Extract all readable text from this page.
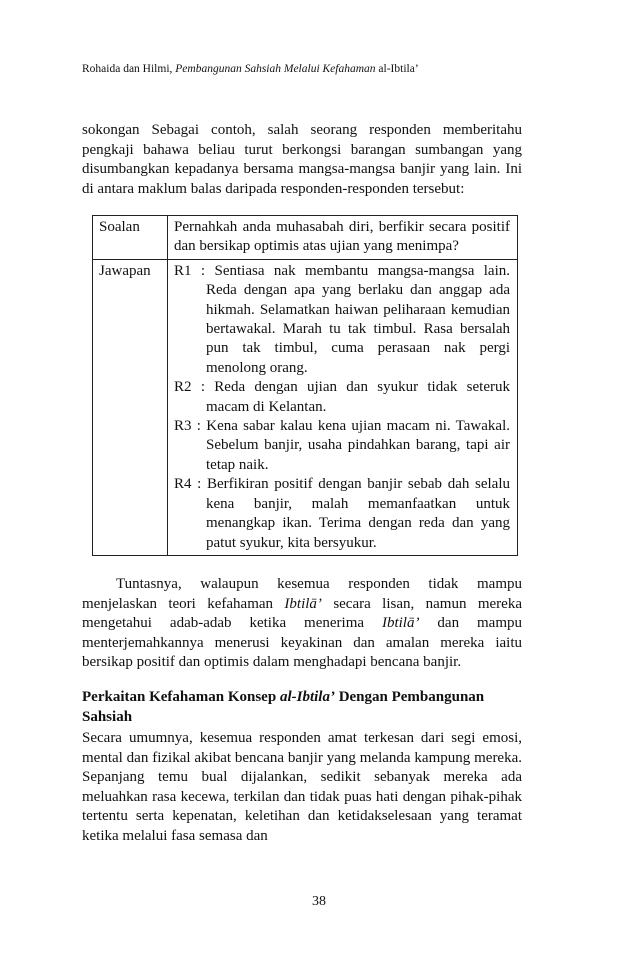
Rohaida dan Hilmi, Pembangunan Sahsiah Melalui Kefahaman al-Ibtila’

sokongan Sebagai contoh, salah seorang responden memberitahu pengkaji bahawa beliau turut berkongsi barangan sumbangan yang disumbangkan kepadanya bersama mangsa-mangsa banjir yang lain. Ini di antara maklum balas daripada responden-responden tersebut:

Soalan	Pernahkah anda muhasabah diri, berfikir secara positif dan bersikap optimis atas ujian yang menimpa?
Jawapan	R1 : Sentiasa nak membantu mangsa-mangsa lain. Reda dengan apa yang berlaku dan anggap ada hikmah. Selamatkan haiwan peliharaan kemudian bertawakal. Marah tu tak timbul. Rasa bersalah pun tak timbul, cuma perasaan nak pergi menolong orang.
R2 : Reda dengan ujian dan syukur tidak seteruk macam di Kelantan.
R3 : Kena sabar kalau kena ujian macam ni. Tawakal. Sebelum banjir, usaha pindahkan barang, tapi air tetap naik.
R4 : Berfikiran positif dengan banjir sebab dah selalu kena banjir, malah memanfaatkan untuk menangkap ikan. Terima dengan reda dan yang patut syukur, kita bersyukur.

Tuntasnya, walaupun kesemua responden tidak mampu menjelaskan teori kefahaman Ibtilā’ secara lisan, namun mereka mengetahui adab-adab ketika menerima Ibtilā’ dan mampu menterjemahkannya menerusi keyakinan dan amalan mereka iaitu bersikap positif dan optimis dalam menghadapi bencana banjir.

Perkaitan Kefahaman Konsep al-Ibtila’ Dengan Pembangunan Sahsiah

Secara umumnya, kesemua responden amat terkesan dari segi emosi, mental dan fizikal akibat bencana banjir yang melanda kampung mereka. Sepanjang temu bual dijalankan, sedikit sebanyak mereka ada meluahkan rasa kecewa, terkilan dan tidak puas hati dengan pihak-pihak tertentu serta kepenatan, keletihan dan ketidakselesaan yang teramat ketika melalui fasa semasa dan

38
